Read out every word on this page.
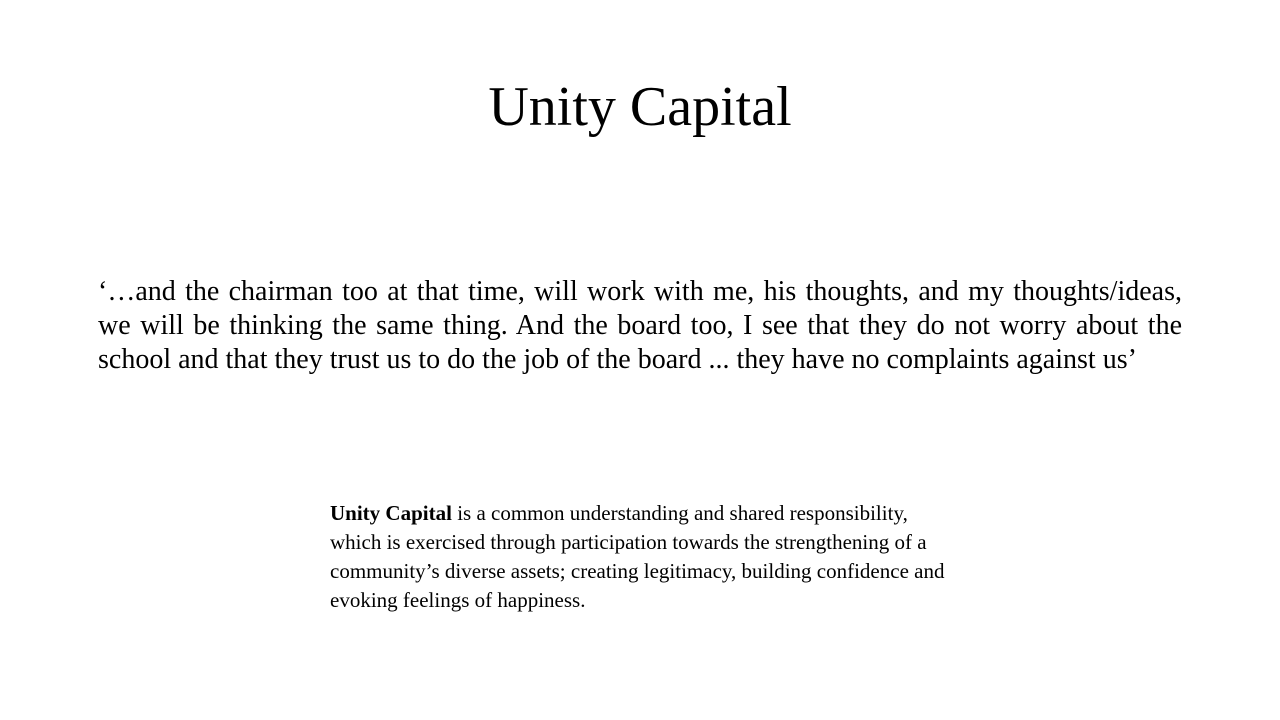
Unity Capital

‘…and the chairman too at that time, will work with me, his thoughts, and my thoughts/ideas, we will be thinking the same thing. And the board too, I see that they do not worry about the school and that they trust us to do the job of the board ... they have no complaints against us’

Unity Capital is a common understanding and shared responsibility, which is exercised through participation towards the strengthening of a community’s diverse assets; creating legitimacy, building confidence and evoking feelings of happiness.
